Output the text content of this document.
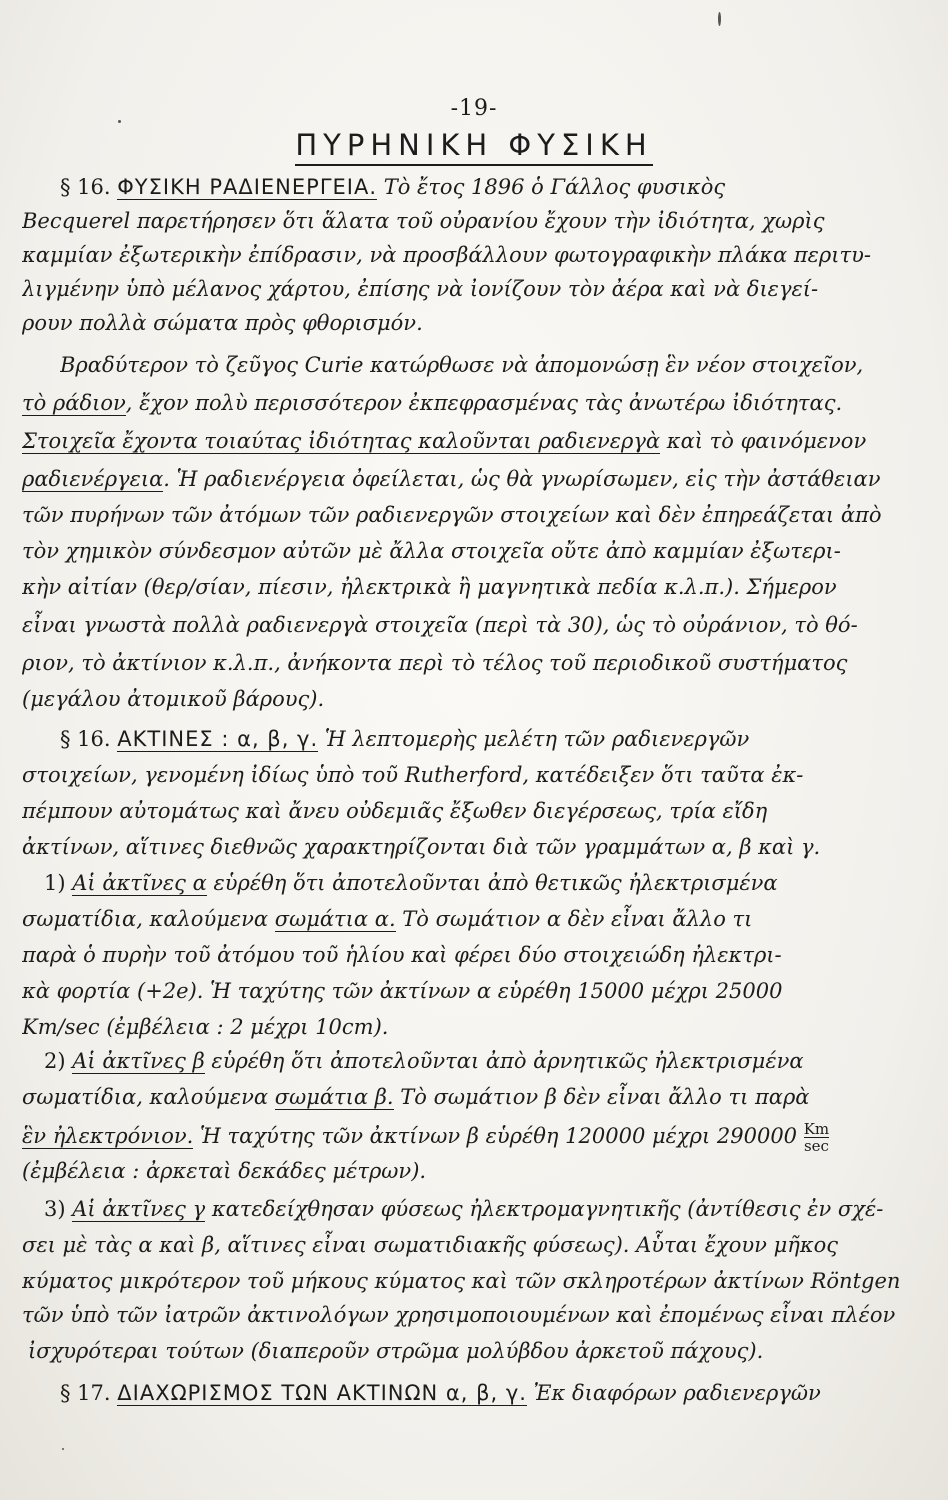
-19-
ΠΥΡΗΝΙΚΗ ΦΥΣΙΚΗ
§ 16. ΦΥΣΙΚΗ ΡΑΔΙΕΝΕΡΓΕΙΑ. Τὸ ἔτος 1896 ὁ Γάλλος φυσικὸς
Becquerel παρετήρησεν ὅτι ἅλατα τοῦ οὐρανίου ἔχουν τὴν ἰδιότητα, χωρὶς
καμμίαν ἐξωτερικὴν ἐπίδρασιν, νὰ προσβάλλουν φωτογραφικὴν πλάκα περιτυ-
λιγμένην ὑπὸ μέλανος χάρτου, ἐπίσης νὰ ἰονίζουν τὸν ἀέρα καὶ νὰ διεγεί-
ρουν πολλὰ σώματα πρὸς φθορισμόν.
Βραδύτερον τὸ ζεῦγος Curie κατώρθωσε νὰ ἀπομονώσῃ ἓν νέον στοιχεῖον,
τὸ ράδιον, ἔχον πολὺ περισσότερον ἐκπεφρασμένας τὰς ἀνωτέρω ἰδιότητας.
Στοιχεῖα ἔχοντα τοιαύτας ἰδιότητας καλοῦνται ραδιενεργὰ καὶ τὸ φαινόμενον
ραδιενέργεια. Ἡ ραδιενέργεια ὀφείλεται, ὡς θὰ γνωρίσωμεν, εἰς τὴν ἀστάθειαν
τῶν πυρήνων τῶν ἀτόμων τῶν ραδιενεργῶν στοιχείων καὶ δὲν ἐπηρεάζεται ἀπὸ
τὸν χημικὸν σύνδεσμον αὐτῶν μὲ ἄλλα στοιχεῖα οὔτε ἀπὸ καμμίαν ἐξωτερι-
κὴν αἰτίαν (θερ/σίαν, πίεσιν, ἠλεκτρικὰ ἢ μαγνητικὰ πεδία κ.λ.π.). Σήμερον
εἶναι γνωστὰ πολλὰ ραδιενεργὰ στοιχεῖα (περὶ τὰ 30), ὡς τὸ οὐράνιον, τὸ θό-
ριον, τὸ ἀκτίνιον κ.λ.π., ἀνήκοντα περὶ τὸ τέλος τοῦ περιοδικοῦ συστήματος
(μεγάλου ἀτομικοῦ βάρους).
§ 16. ΑΚΤΙΝΕΣ : α, β, γ. Ἡ λεπτομερὴς μελέτη τῶν ραδιενεργῶν
στοιχείων, γενομένη ἰδίως ὑπὸ τοῦ Rutherford, κατέδειξεν ὅτι ταῦτα ἐκ-
πέμπουν αὐτομάτως καὶ ἄνευ οὐδεμιᾶς ἔξωθεν διεγέρσεως, τρία εἴδη
ἀκτίνων, αἵτινες διεθνῶς χαρακτηρίζονται διὰ τῶν γραμμάτων α, β καὶ γ.
1) Αἱ ἀκτῖνες α εὑρέθη ὅτι ἀποτελοῦνται ἀπὸ θετικῶς ἠλεκτρισμένα
σωματίδια, καλούμενα σωμάτια α. Τὸ σωμάτιον α δὲν εἶναι ἄλλο τι
παρὰ ὁ πυρὴν τοῦ ἀτόμου τοῦ ἡλίου καὶ φέρει δύο στοιχειώδη ἠλεκτρι-
κὰ φορτία (+2e). Ἡ ταχύτης τῶν ἀκτίνων α εὑρέθη 15000 μέχρι 25000
Km/sec (ἐμβέλεια : 2 μέχρι 10cm).
2) Αἱ ἀκτῖνες β εὑρέθη ὅτι ἀποτελοῦνται ἀπὸ ἀρνητικῶς ἠλεκτρισμένα
σωματίδια, καλούμενα σωμάτια β. Τὸ σωμάτιον β δὲν εἶναι ἄλλο τι παρὰ
ἓν ἠλεκτρόνιον. Ἡ ταχύτης τῶν ἀκτίνων β εὑρέθη 120000 μέχρι $290000 \frac{Km}{\sec}$
(ἐμβέλεια : ἀρκεταὶ δεκάδες μέτρων).
3) Αἱ ἀκτῖνες γ κατεδείχθησαν φύσεως ἠλεκτρομαγνητικῆς (ἀντίθεσις ἐν σχέ-
σει μὲ τὰς α καὶ β, αἵτινες εἶναι σωματιδιακῆς φύσεως). Αὗται ἔχουν μῆκος
κύματος μικρότερον τοῦ μήκους κύματος καὶ τῶν σκληροτέρων ἀκτίνων Röntgen
τῶν ὑπὸ τῶν ἰατρῶν ἀκτινολόγων χρησιμοποιουμένων καὶ ἐπομένως εἶναι πλέον
ἰσχυρότεραι τούτων (διαπεροῦν στρῶμα μολύβδου ἀρκετοῦ πάχους).
§ 17. ΔΙΑΧΩΡΙΣΜΟΣ ΤΩΝ ΑΚΤΙΝΩΝ α, β, γ. Ἐκ διαφόρων ραδιενεργῶν
